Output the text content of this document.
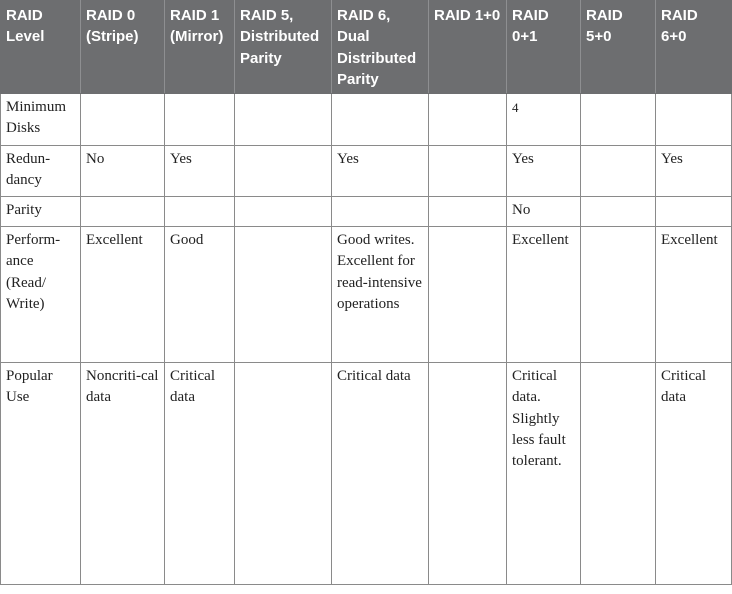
RAID Level	RAID 0 (Stripe)	RAID 1 (Mirror)	RAID 5, Distributed Parity	RAID 6, Dual Distributed Parity	RAID 1+0	RAID 0+1	RAID 5+0	RAID 6+0
Minimum Disks						4		
Redun-dancy	No	Yes		Yes		Yes		Yes
Parity						No		
Perform-ance (Read/ Write)	Excellent	Good		Good writes. Excellent for read-intensive operations		Excellent		Excellent
Popular Use	Noncriti-cal data	Critical data		Critical data		Critical data. Slightly less fault tolerant.		Critical data
